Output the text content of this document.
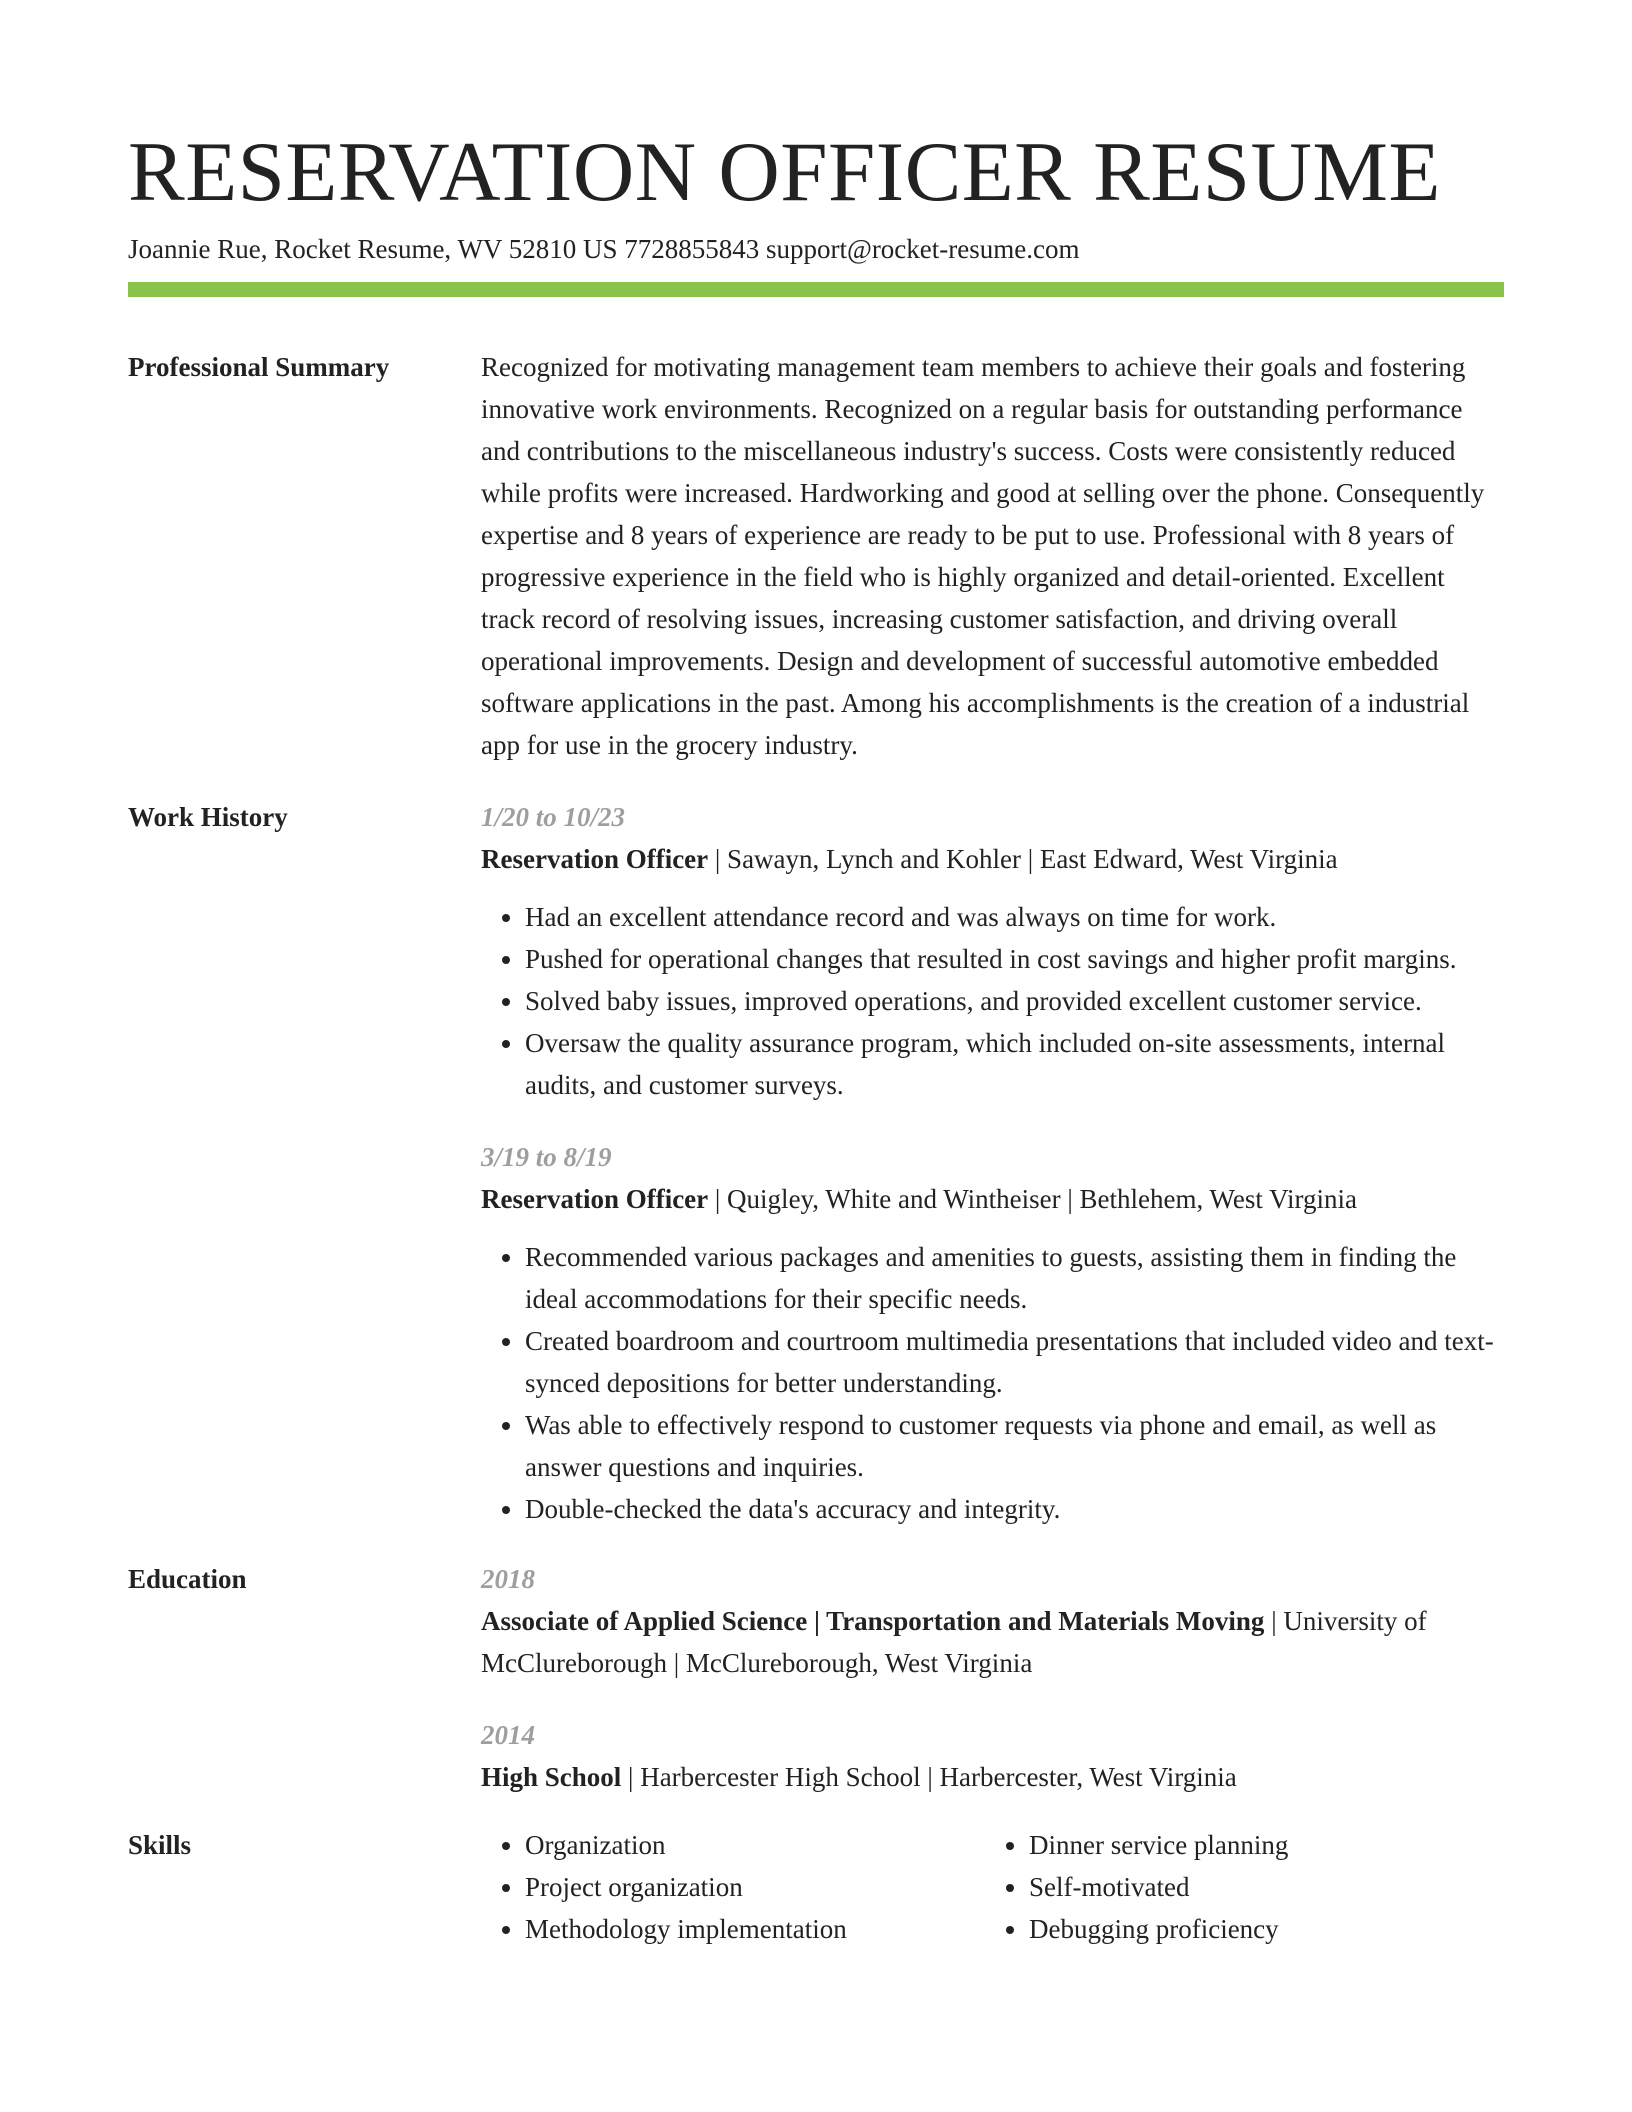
RESERVATION OFFICER RESUME
Joannie Rue, Rocket Resume, WV 52810 US 7728855843 support@rocket-resume.com
Professional Summary	Recognized for motivating management team members to achieve their goals and fostering innovative work environments. Recognized on a regular basis for outstanding performance and contributions to the miscellaneous industry's success. Costs were consistently reduced while profits were increased. Hardworking and good at selling over the phone. Consequently expertise and 8 years of experience are ready to be put to use. Professional with 8 years of progressive experience in the field who is highly organized and detail-oriented. Excellent track record of resolving issues, increasing customer satisfaction, and driving overall operational improvements. Design and development of successful automotive embedded software applications in the past. Among his accomplishments is the creation of a industrial app for use in the grocery industry.
Work History	1/20 to 10/23
Reservation Officer | Sawayn, Lynch and Kohler | East Edward, West Virginia
• Had an excellent attendance record and was always on time for work.
• Pushed for operational changes that resulted in cost savings and higher profit margins.
• Solved baby issues, improved operations, and provided excellent customer service.
• Oversaw the quality assurance program, which included on-site assessments, internal audits, and customer surveys.
3/19 to 8/19
Reservation Officer | Quigley, White and Wintheiser | Bethlehem, West Virginia
• Recommended various packages and amenities to guests, assisting them in finding the ideal accommodations for their specific needs.
• Created boardroom and courtroom multimedia presentations that included video and text-synced depositions for better understanding.
• Was able to effectively respond to customer requests via phone and email, as well as answer questions and inquiries.
• Double-checked the data's accuracy and integrity.
Education	2018
Associate of Applied Science | Transportation and Materials Moving | University of McClureborough | McClureborough, West Virginia
2014
High School | Harbercester High School | Harbercester, West Virginia
Skills
•	Organization
• Project organization
• Methodology implementation
• Dinner service planning
• Self-motivated
• Debugging proficiency
